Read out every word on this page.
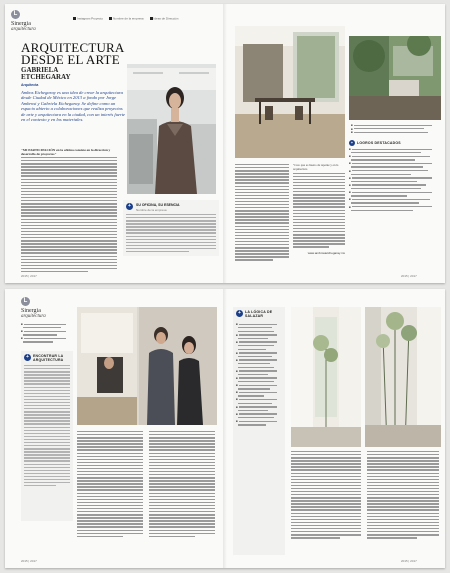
L
Sinergia
arquitectura
Instagram Proyecto	Nombre de la empresa	Ideas de Dirección
ARQUITECTURA
DESDE EL ARTE
GABRIELA
ETCHEGARAY
Arquitecta
Ambos Etchegaray es una idea de crear la arquitectura desde Ciudad de México en 2013 a fondo por Jorge Ambrosi y Gabriela Etchegaray. Se define como un espacio abierto a colaboraciones que realiza proyectos de arte y arquitectura en la ciudad, con un interés fuerte en el contexto y en los materiales.
"MI PARTICIPACIÓN en la oficina consiste en la dirección y desarrollo de proyectos"
+	SU OFICINA, SU ESENCIA
Nombre de la empresa
2015 | 2017
■
■
■
+	LOGROS DESTACADOS
■

■

■

■

■

■

■

■

■

"Creo que es bueno de repente y en la arquitectura
www.ambrosietchegaray.mx
2015 | 2017
L
Sinergia
arquitectura
■

■

■

+	ENCONTRAR LA ARQUITECTURA
2015 | 2017
+	LA LÓGICA DE SALAZAR
■

■

■

■

■

■

■

■

■

■

■

■

■

2015 | 2017
